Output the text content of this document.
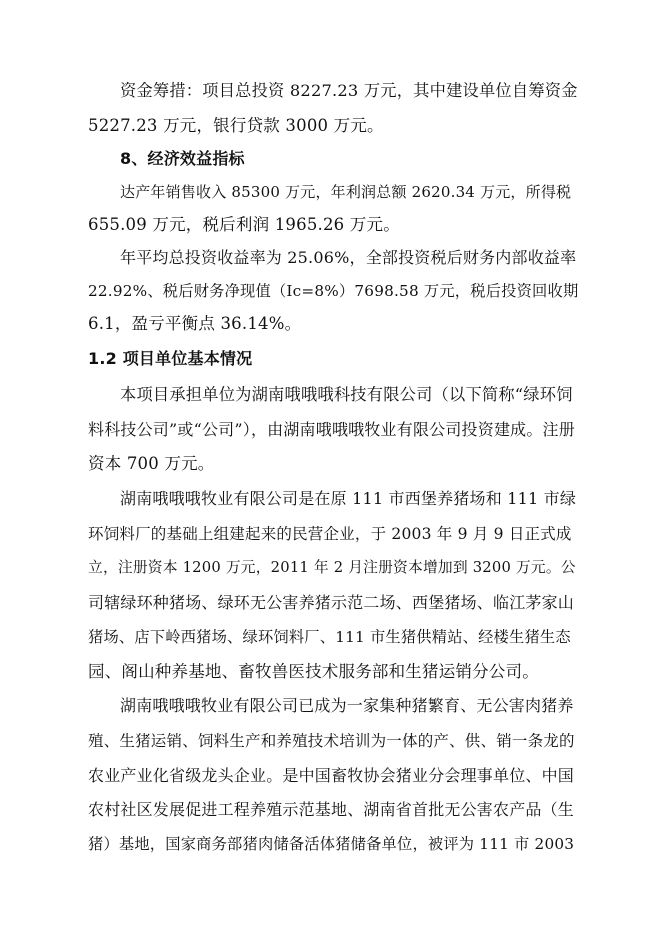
资金筹措：项目总投资 8227.23 万元，其中建设单位自筹资金
5227.23 万元，银行贷款 3000 万元。
8、经济效益指标
达产年销售收入 85300 万元，年利润总额 2620.34 万元，所得税
655.09 万元，税后利润 1965.26 万元。
年平均总投资收益率为 25.06%，全部投资税后财务内部收益率
22.92%、税后财务净现值（Ic=8%）7698.58 万元，税后投资回收期
6.1，盈亏平衡点 36.14%。
1.2 项目单位基本情况
本项目承担单位为湖南哦哦哦科技有限公司（以下简称“绿环饲
料科技公司”或“公司”），由湖南哦哦哦牧业有限公司投资建成。注册
资本 700 万元。
湖南哦哦哦牧业有限公司是在原 111 市西堡养猪场和 111 市绿
环饲料厂的基础上组建起来的民营企业，于 2003 年 9 月 9 日正式成
立，注册资本 1200 万元，2011 年 2 月注册资本增加到 3200 万元。公
司辖绿环种猪场、绿环无公害养猪示范二场、西堡猪场、临江茅家山
猪场、店下岭西猪场、绿环饲料厂、111 市生猪供精站、经楼生猪生态
园、阁山种养基地、畜牧兽医技术服务部和生猪运销分公司。
湖南哦哦哦牧业有限公司已成为一家集种猪繁育、无公害肉猪养
殖、生猪运销、饲料生产和养殖技术培训为一体的产、供、销一条龙的
农业产业化省级龙头企业。是中国畜牧协会猪业分会理事单位、中国
农村社区发展促进工程养殖示范基地、湖南省首批无公害农产品（生
猪）基地，国家商务部猪肉储备活体猪储备单位，被评为 111 市 2003
